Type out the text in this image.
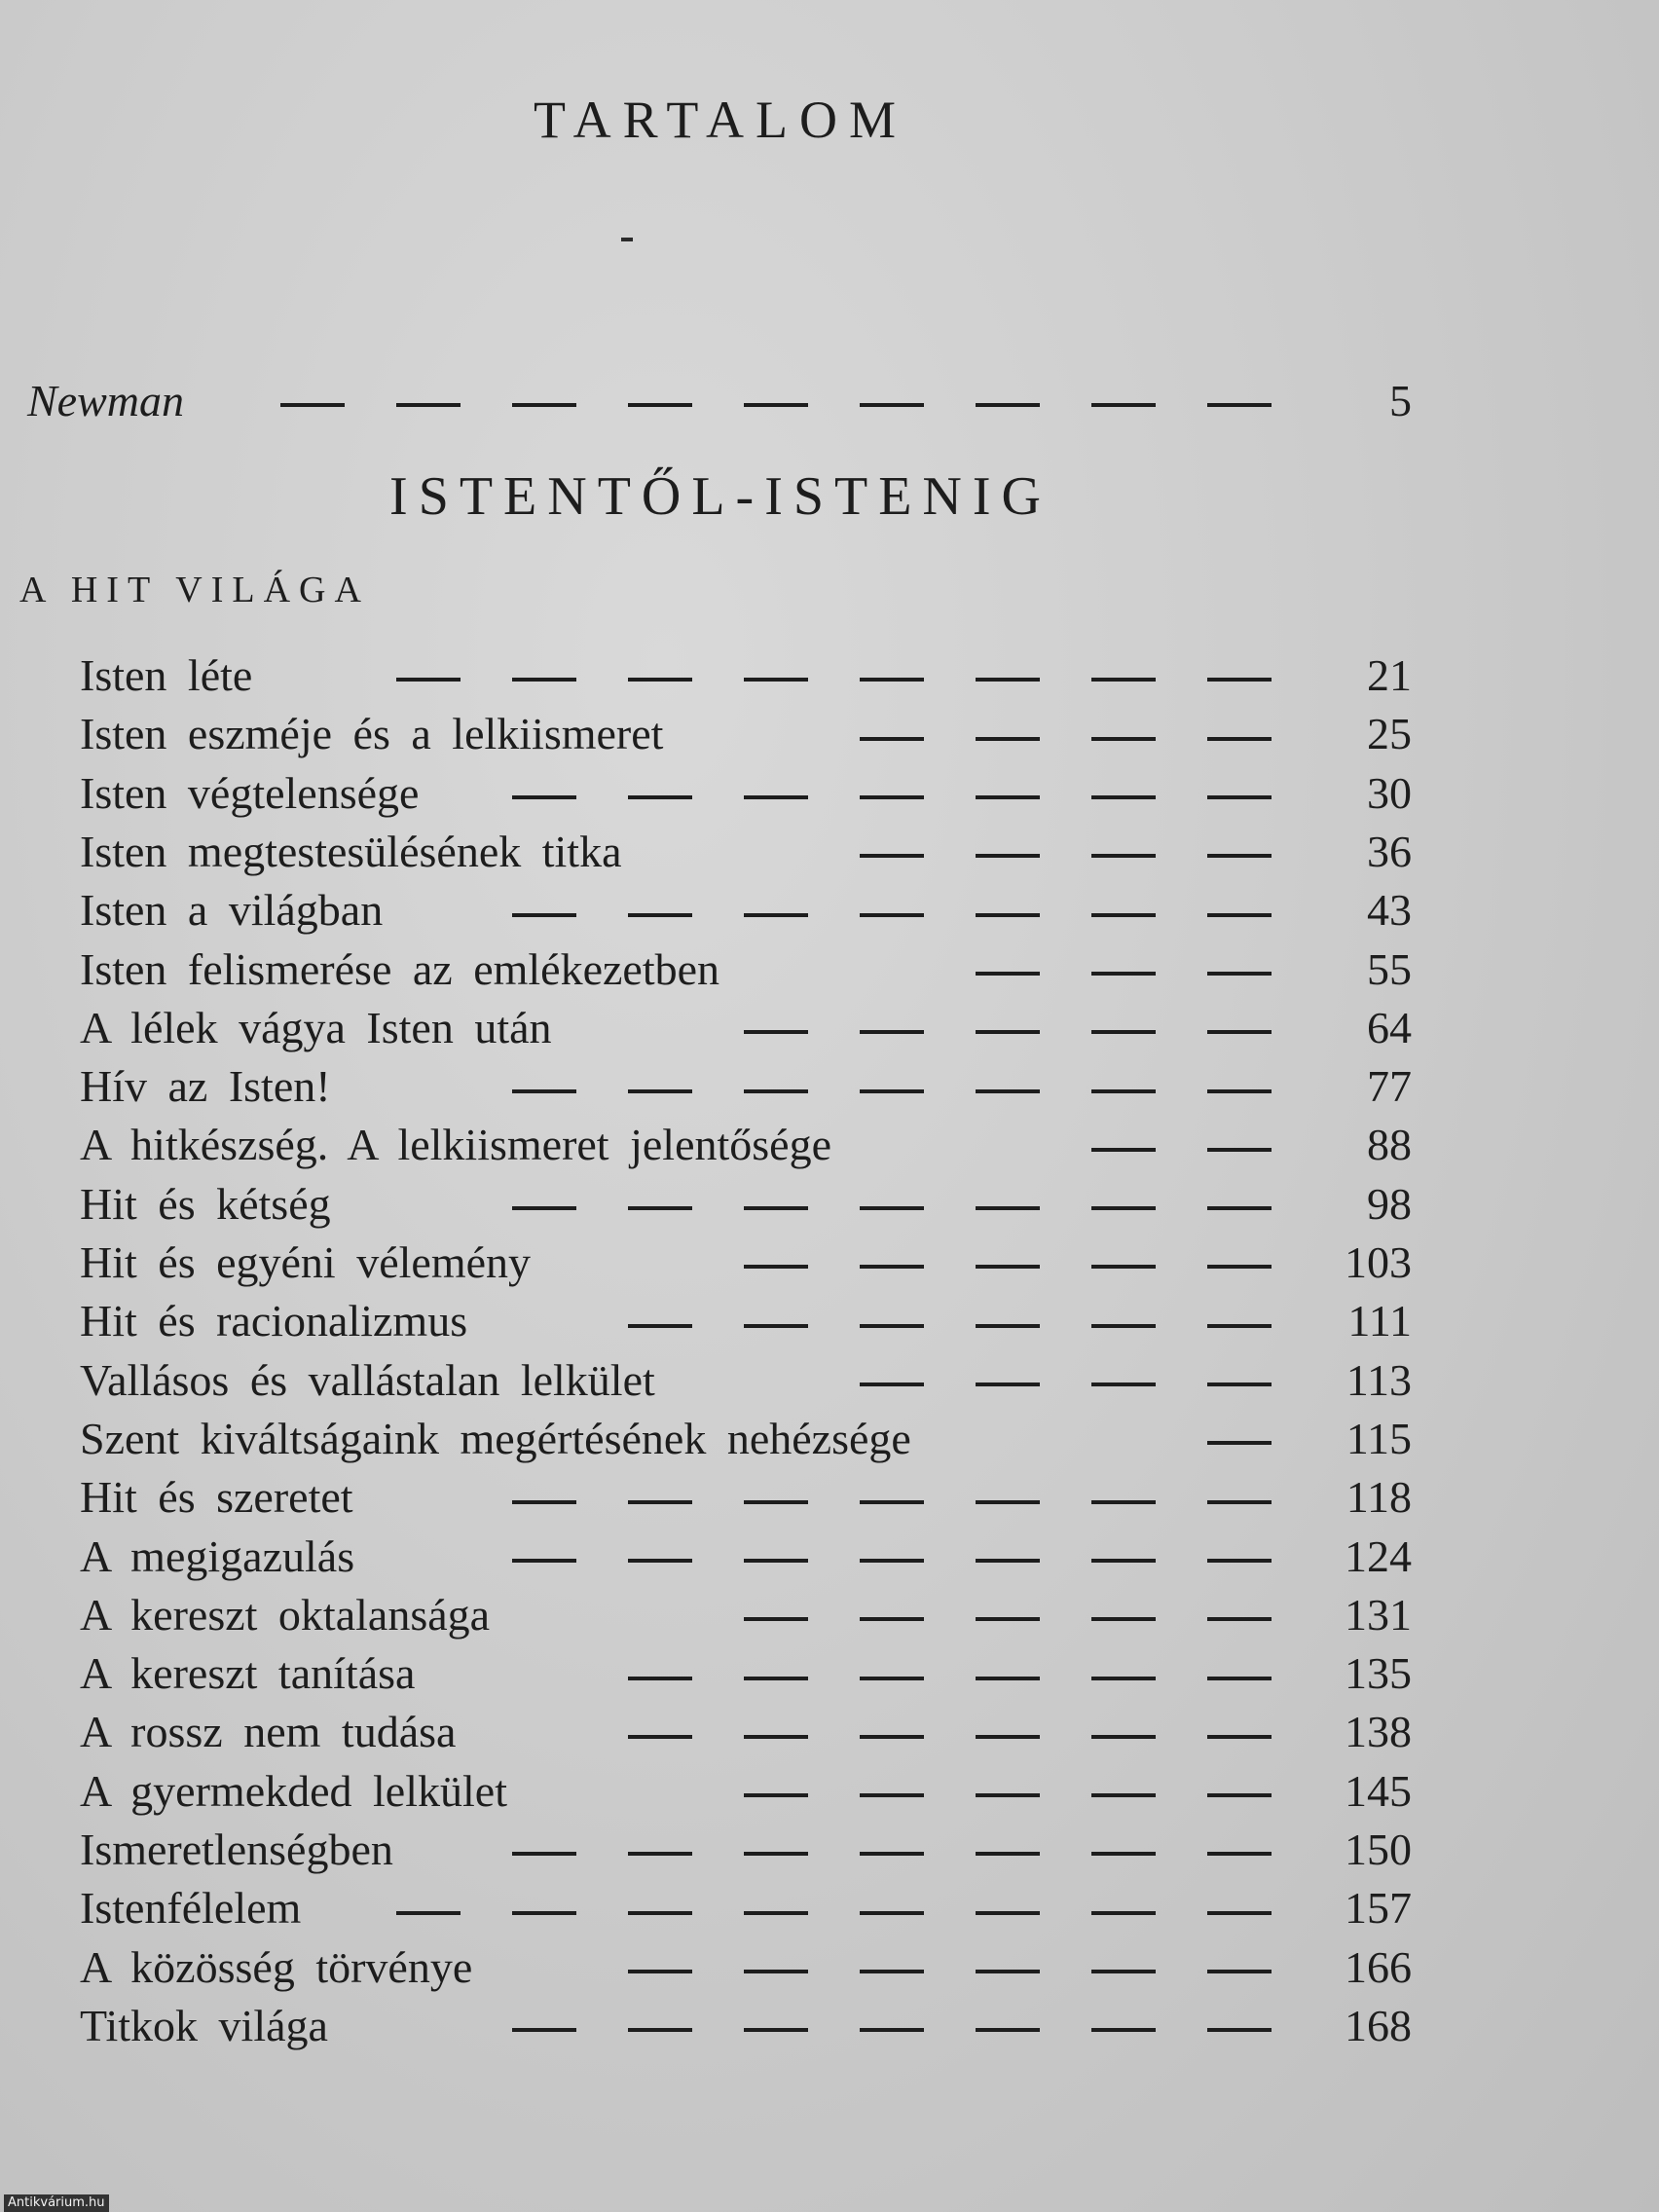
TARTALOM
Newman	5
ISTENTŐL-ISTENIG
A HIT VILÁGA
Isten léte	21
Isten eszméje és a lelkiismeret	25
Isten végtelensége	30
Isten megtestesülésének titka	36
Isten a világban	43
Isten felismerése az emlékezetben	55
A lélek vágya Isten után	64
Hív az Isten!	77
A hitkészség. A lelkiismeret jelentősége	88
Hit és kétség	98
Hit és egyéni vélemény	103
Hit és racionalizmus	111
Vallásos és vallástalan lelkület	113
Szent kiváltságaink megértésének nehézsége	115
Hit és szeretet	118
A megigazulás	124
A kereszt oktalansága	131
A kereszt tanítása	135
A rossz nem tudása	138
A gyermekded lelkület	145
Ismeretlenségben	150
Istenfélelem	157
A közösség törvénye	166
Titkok világa	168
Antikvárium.hu
